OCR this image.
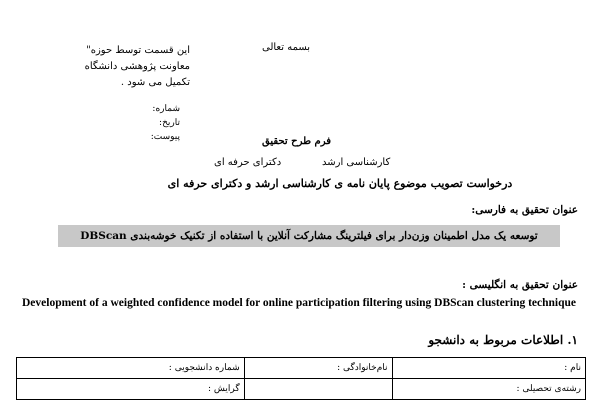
این قسمت توسط حوزه" معاونت پژوهشی دانشگاه تکمیل می شود .
بسمه تعالی
شماره:
تاریخ:
پیوست:	فرم طرح تحقیق
دکترای حرفه ای	کارشناسی ارشد
درخواست تصویب موضوع پایان نامه ی کارشناسی ارشد و دکترای حرفه ای
عنوان تحقیق به فارسی:
توسعه یک مدل اطمینان وزن‌دار برای فیلترینگ مشارکت آنلاین با استفاده از تکنیک خوشه‌بندی DBScan
عنوان تحقیق به انگلیسی :
Development of a weighted confidence model for online participation filtering using DBScan clustering technique
۱. اطلاعات مربوط به دانشجو
نام :	نام‌خانوادگی :	شماره دانشجویی :
رشته‌ی تحصیلی :		گرایش :
